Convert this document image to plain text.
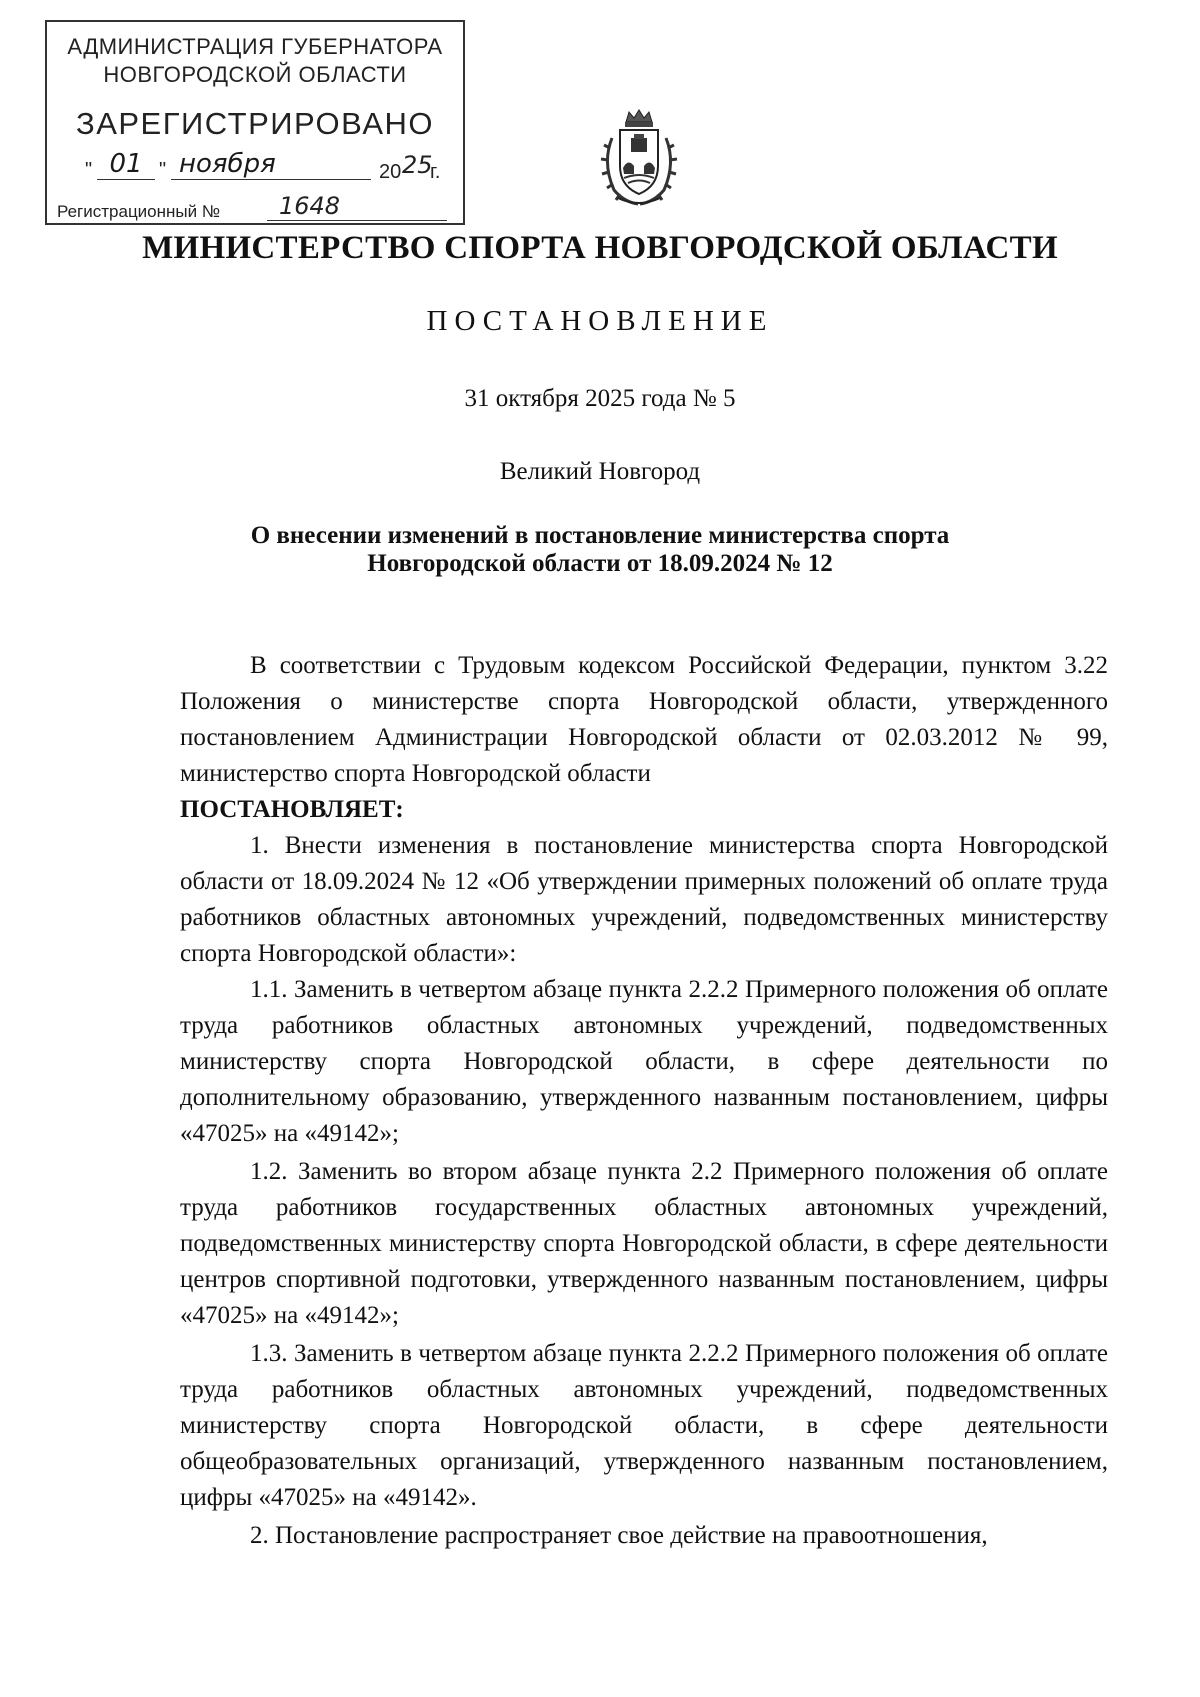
АДМИНИСТРАЦИЯ ГУБЕРНАТОРА
НОВГОРОДСКОЙ ОБЛАСТИ
ЗАРЕГИСТРИРОВАНО
" 01 " ноября	20 25
г.
Регистрационный №	1648
МИНИСТЕРСТВО СПОРТА НОВГОРОДСКОЙ ОБЛАСТИ
ПОСТАНОВЛЕНИЕ
31 октября 2025 года № 5
Великий Новгород
О внесении изменений в постановление министерства спорта
Новгородской области от 18.09.2024 № 12

В соответствии с Трудовым кодексом Российской Федерации, пунктом 3.22 Положения о министерстве спорта Новгородской области, утвержденного постановлением Администрации Новгородской области от 02.03.2012 № 99, министерство спорта Новгородской области
ПОСТАНОВЛЯЕТ:

1. Внести изменения в постановление министерства спорта Новгородской области от 18.09.2024 № 12 «Об утверждении примерных положений об оплате труда работников областных автономных учреждений, подведомственных министерству спорта Новгородской области»:

1.1. Заменить в четвертом абзаце пункта 2.2.2 Примерного положения об оплате труда работников областных автономных учреждений, подведомственных министерству спорта Новгородской области, в сфере деятельности по дополнительному образованию, утвержденного названным постановлением, цифры «47025» на «49142»;

1.2. Заменить во втором абзаце пункта 2.2 Примерного положения об оплате труда работников государственных областных автономных учреждений, подведомственных министерству спорта Новгородской области, в сфере деятельности центров спортивной подготовки, утвержденного названным постановлением, цифры «47025» на «49142»;

1.3. Заменить в четвертом абзаце пункта 2.2.2 Примерного положения об оплате труда работников областных автономных учреждений, подведомственных министерству спорта Новгородской области, в сфере деятельности общеобразовательных организаций, утвержденного названным постановлением, цифры «47025» на «49142».

2. Постановление распространяет свое действие на правоотношения,
